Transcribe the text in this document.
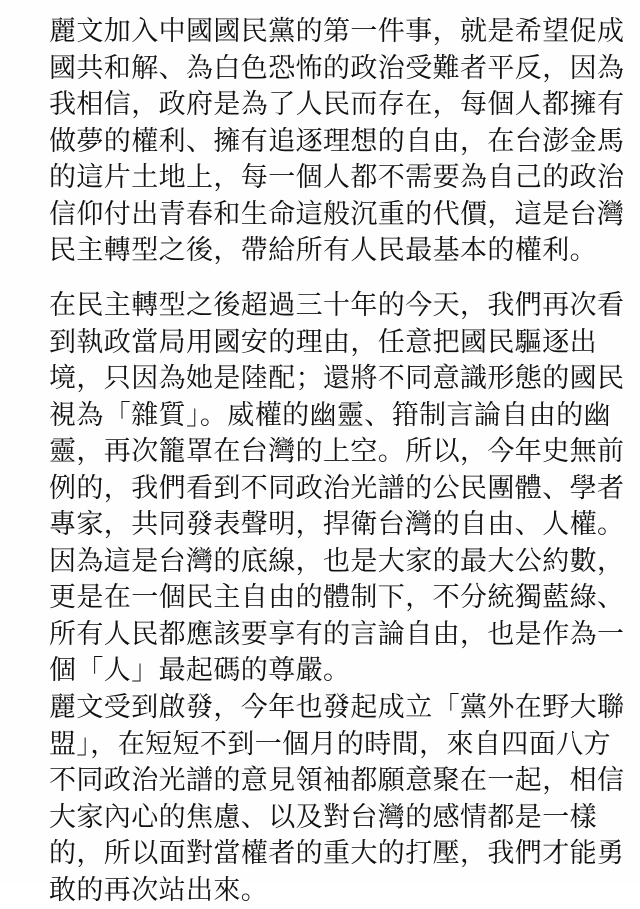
麗文加入中國國民黨的第一件事，就是希望促成
國共和解、為白色恐怖的政治受難者平反，因為
我相信，政府是為了人民而存在，每個人都擁有
做夢的權利、擁有追逐理想的自由，在台澎金馬
的這片土地上，每一個人都不需要為自己的政治
信仰付出青春和生命這般沉重的代價，這是台灣
民主轉型之後，帶給所有人民最基本的權利。
在民主轉型之後超過三十年的今天，我們再次看
到執政當局用國安的理由，任意把國民驅逐出
境，只因為她是陸配；還將不同意識形態的國民
視為「雜質」。威權的幽靈、箝制言論自由的幽
靈，再次籠罩在台灣的上空。所以，今年史無前
例的，我們看到不同政治光譜的公民團體、學者
專家，共同發表聲明，捍衛台灣的自由、人權。
因為這是台灣的底線，也是大家的最大公約數，
更是在一個民主自由的體制下，不分統獨藍綠、
所有人民都應該要享有的言論自由，也是作為一
個「人」最起碼的尊嚴。
麗文受到啟發，今年也發起成立「黨外在野大聯
盟」，在短短不到一個月的時間，來自四面八方
不同政治光譜的意見領袖都願意聚在一起，相信
大家內心的焦慮、以及對台灣的感情都是一樣
的，所以面對當權者的重大的打壓，我們才能勇
敢的再次站出來。
